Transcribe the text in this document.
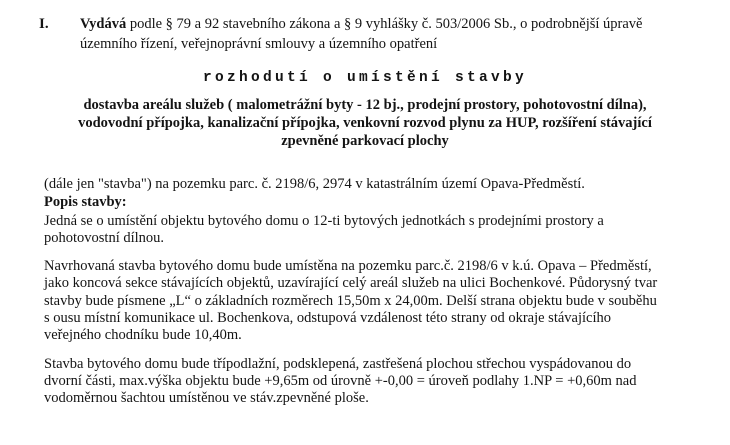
I. Vydává podle § 79 a 92 stavebního zákona a § 9 vyhlášky č. 503/2006 Sb., o podrobnější úpravě
územního řízení, veřejnoprávní smlouvy a územního opatření
rozhodutí o umístění stavby
dostavba areálu služeb ( malometrážní byty - 12 bj., prodejní prostory, pohotovostní dílna),
vodovodní přípojka, kanalizační přípojka, venkovní rozvod plynu za HUP, rozšíření stávající
zpevněné parkovací plochy
(dále jen "stavba") na pozemku parc. č. 2198/6, 2974 v katastrálním území Opava-Předměstí.
Popis stavby:
Jedná se o umístění objektu bytového domu o 12-ti bytových jednotkách s prodejními prostory a
pohotovostní dílnou.
Navrhovaná stavba bytového domu bude umístěna na pozemku parc.č. 2198/6 v k.ú. Opava – Předměstí,
jako koncová sekce stávajících objektů, uzavírající celý areál služeb na ulici Bochenkové. Půdorysný tvar
stavby bude písmene „L“ o základních rozměrech 15,50m x 24,00m. Delší strana objektu bude v souběhu
s ousu místní komunikace ul. Bochenkova, odstupová vzdálenost této strany od okraje stávajícího
veřejného chodníku bude 10,40m.
Stavba bytového domu bude třípodlažní, podsklepená, zastřešená plochou střechou vyspádovanou do
dvorní části, max.výška objektu bude +9,65m od úrovně +-0,00 = úroveň podlahy 1.NP = +0,60m nad
vodoměrnou šachtou umístěnou ve stáv.zpevněné ploše.
